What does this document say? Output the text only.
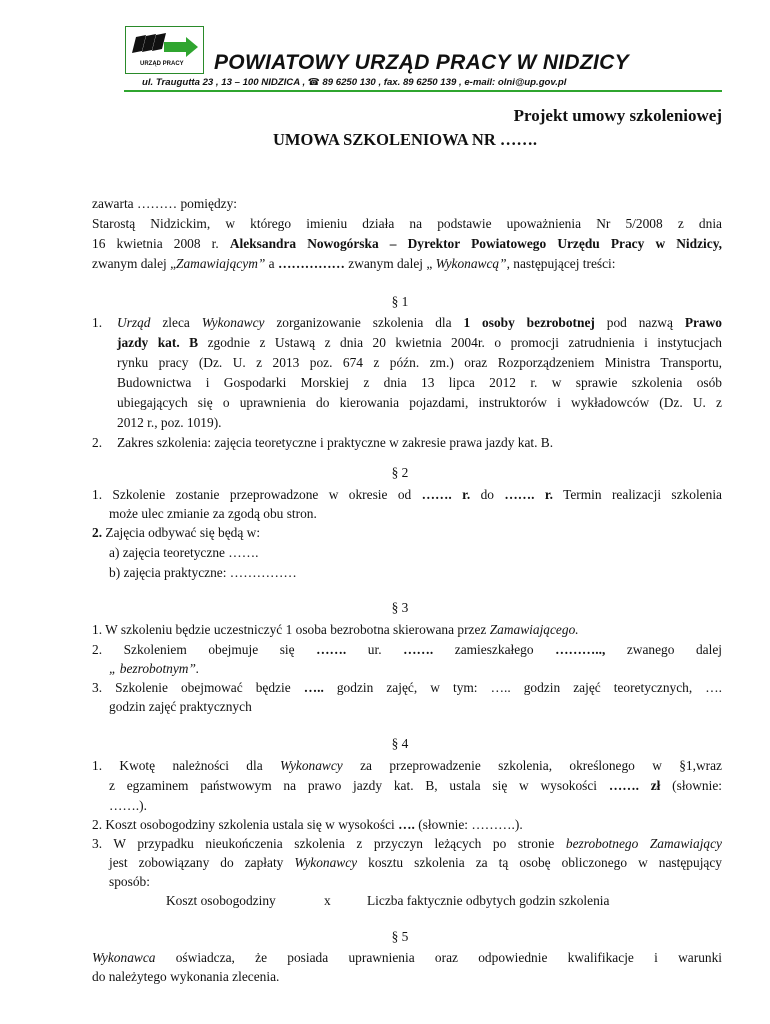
URZĄD PRACY POWIATOWY URZĄD PRACY W NIDZICY
ul. Traugutta 23 , 13 – 100 NIDZICA , ☎ 89 6250 130 , fax. 89 6250 139 , e-mail: olni@up.gov.pl
Projekt umowy szkoleniowej
UMOWA SZKOLENIOWA NR …….
zawarta ……… pomiędzy:
Starostą Nidzickim, w którego imieniu działa na podstawie upoważnienia Nr 5/2008 z dnia
16 kwietnia 2008 r. Aleksandra Nowogórska – Dyrektor Powiatowego Urzędu Pracy w Nidzicy,
zwanym dalej „Zamawiającym” a …………… zwanym dalej „ Wykonawcą”, następującej treści:
§ 1
1. Urząd zleca Wykonawcy zorganizowanie szkolenia dla 1 osoby bezrobotnej pod nazwą Prawo
jazdy kat. B zgodnie z Ustawą z dnia 20 kwietnia 2004r. o promocji zatrudnienia i instytucjach
rynku pracy (Dz. U. z 2013 poz. 674 z późn. zm.) oraz Rozporządzeniem Ministra Transportu,
Budownictwa i Gospodarki Morskiej z dnia 13 lipca 2012 r. w sprawie szkolenia osób
ubiegających się o uprawnienia do kierowania pojazdami, instruktorów i wykładowców (Dz. U. z
2012 r., poz. 1019).
2. Zakres szkolenia: zajęcia teoretyczne i praktyczne w zakresie prawa jazdy kat. B.
§ 2
1. Szkolenie zostanie przeprowadzone w okresie od ……. r. do ……. r. Termin realizacji szkolenia
może ulec zmianie za zgodą obu stron.
2. Zajęcia odbywać się będą w:
a) zajęcia teoretyczne …….
b) zajęcia praktyczne: ……………
§ 3
1. W szkoleniu będzie uczestniczyć 1 osoba bezrobotna skierowana przez Zamawiającego.
2. Szkoleniem obejmuje się ……. ur. ……. zamieszkałego ……….., zwanego dalej
„ bezrobotnym”.
3. Szkolenie obejmować będzie ….. godzin zajęć, w tym: ….. godzin zajęć teoretycznych, ….
godzin zajęć praktycznych
§ 4
1. Kwotę należności dla Wykonawcy za przeprowadzenie szkolenia, określonego w §1,wraz
z egzaminem państwowym na prawo jazdy kat. B, ustala się w wysokości ……. zł (słownie:
…….).
2. Koszt osobogodziny szkolenia ustala się w wysokości …. (słownie: ……….).
3. W przypadku nieukończenia szkolenia z przyczyn leżących po stronie bezrobotnego Zamawiający
jest zobowiązany do zapłaty Wykonawcy kosztu szkolenia za tą osobę obliczonego w następujący
sposób:
Koszt osobogodziny	x	Liczba faktycznie odbytych godzin szkolenia
§ 5
Wykonawca oświadcza, że posiada uprawnienia oraz odpowiednie kwalifikacje i warunki
do należytego wykonania zlecenia.
